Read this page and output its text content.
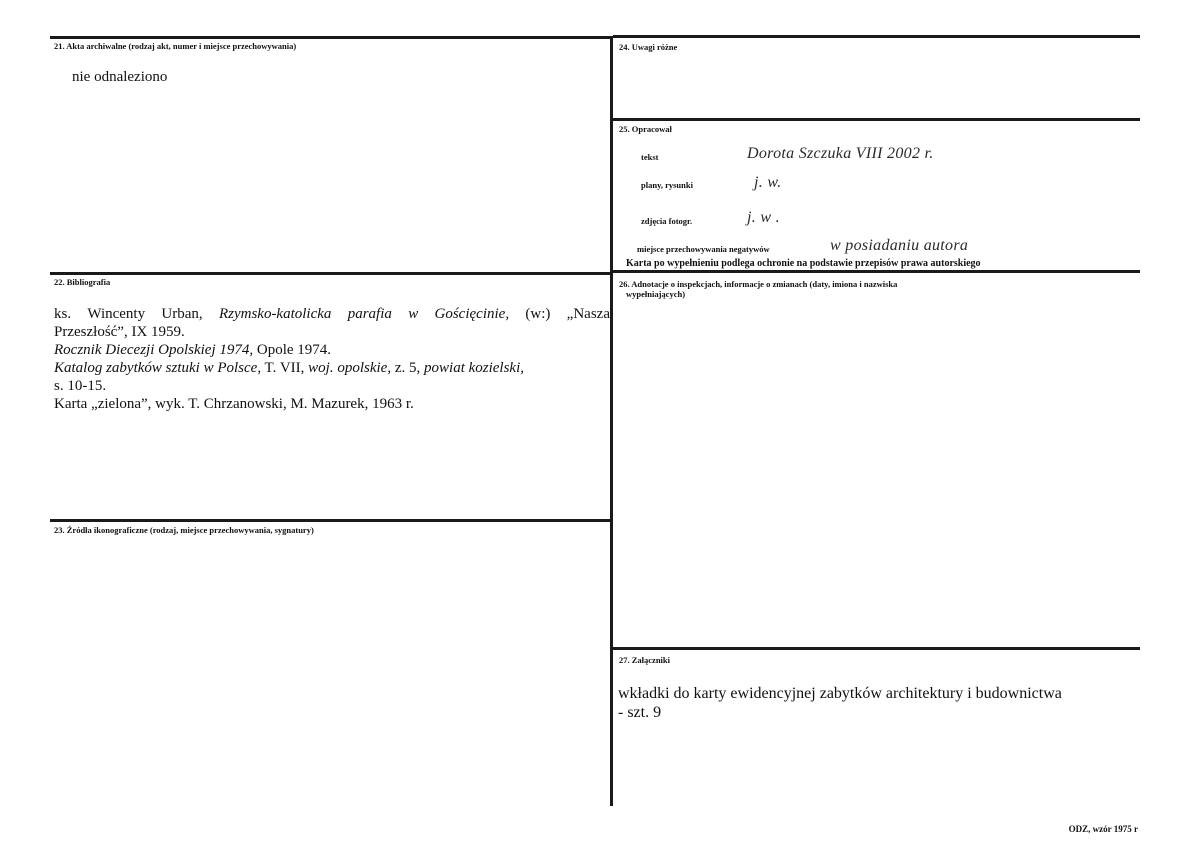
21. Akta archiwalne (rodzaj akt, numer i miejsce przechowywania)
nie odnaleziono
22. Bibliografia
ks. Wincenty Urban, Rzymsko-katolicka parafia w Gościęcinie, (w:) „Nasza
Przeszłość”, IX 1959.
Rocznik Diecezji Opolskiej 1974, Opole 1974.
Katalog zabytków sztuki w Polsce, T. VII, woj. opolskie, z. 5, powiat kozielski,
s. 10-15.
Karta „zielona”, wyk. T. Chrzanowski, M. Mazurek, 1963 r.
23. Źródła ikonograficzne (rodzaj, miejsce przechowywania, sygnatury)
24. Uwagi różne
25. Opracował
tekst	Dorota Szczuka VIII 2002 r.
plany, rysunki	j. w.
zdjęcia fotogr.	j. w .
miejsce przechowywania negatywów	w posiadaniu autora
Karta po wypełnieniu podlega ochronie na podstawie przepisów prawa autorskiego
26. Adnotacje o inspekcjach, informacje o zmianach (daty, imiona i nazwiska
wypełniających)
27. Załączniki
wkładki do karty ewidencyjnej zabytków architektury i budownictwa
- szt. 9
ODZ, wzór 1975 r
